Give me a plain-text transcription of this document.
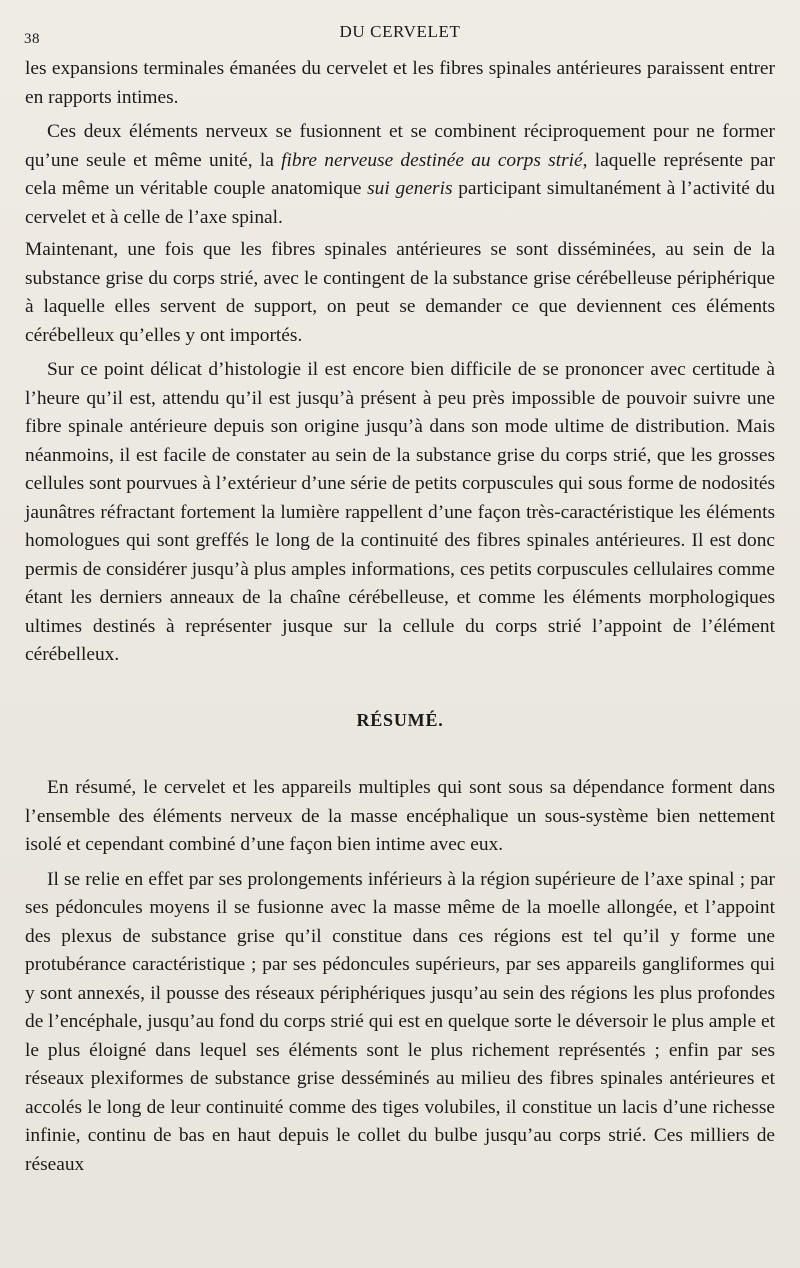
38	DU CERVELET

les expansions terminales émanées du cervelet et les fibres spinales antérieures paraissent entrer en rapports intimes.

Ces deux éléments nerveux se fusionnent et se combinent réciproquement pour ne former qu’une seule et même unité, la fibre nerveuse destinée au corps strié, laquelle représente par cela même un véritable couple anatomique sui generis participant simultanément à l’activité du cervelet et à celle de l’axe spinal.

Maintenant, une fois que les fibres spinales antérieures se sont disséminées, au sein de la substance grise du corps strié, avec le contingent de la substance grise cérébelleuse périphérique à laquelle elles servent de support, on peut se demander ce que deviennent ces éléments cérébelleux qu’elles y ont importés.

Sur ce point délicat d’histologie il est encore bien difficile de se prononcer avec certitude à l’heure qu’il est, attendu qu’il est jusqu’à présent à peu près impossible de pouvoir suivre une fibre spinale antérieure depuis son origine jusqu’à dans son mode ultime de distribution. Mais néanmoins, il est facile de constater au sein de la substance grise du corps strié, que les grosses cellules sont pourvues à l’extérieur d’une série de petits corpuscules qui sous forme de nodosités jaunâtres réfractant fortement la lumière rappellent d’une façon très-caractéristique les éléments homologues qui sont greffés le long de la continuité des fibres spinales antérieures. Il est donc permis de considérer jusqu’à plus amples informations, ces petits corpuscules cellulaires comme étant les derniers anneaux de la chaîne cérébelleuse, et comme les éléments morphologiques ultimes destinés à représenter jusque sur la cellule du corps strié l’appoint de l’élément cérébelleux.

RÉSUMÉ.

En résumé, le cervelet et les appareils multiples qui sont sous sa dépendance forment dans l’ensemble des éléments nerveux de la masse encéphalique un sous-système bien nettement isolé et cependant combiné d’une façon bien intime avec eux.

Il se relie en effet par ses prolongements inférieurs à la région supérieure de l’axe spinal ; par ses pédoncules moyens il se fusionne avec la masse même de la moelle allongée, et l’appoint des plexus de substance grise qu’il constitue dans ces régions est tel qu’il y forme une protubérance caractéristique ; par ses pédoncules supérieurs, par ses appareils gangliformes qui y sont annexés, il pousse des réseaux périphériques jusqu’au sein des régions les plus profondes de l’encéphale, jusqu’au fond du corps strié qui est en quelque sorte le déversoir le plus ample et le plus éloigné dans lequel ses éléments sont le plus richement représentés ; enfin par ses réseaux plexiformes de substance grise desséminés au milieu des fibres spinales antérieures et accolés le long de leur continuité comme des tiges volubiles, il constitue un lacis d’une richesse infinie, continu de bas en haut depuis le collet du bulbe jusqu’au corps strié. Ces milliers de réseaux
